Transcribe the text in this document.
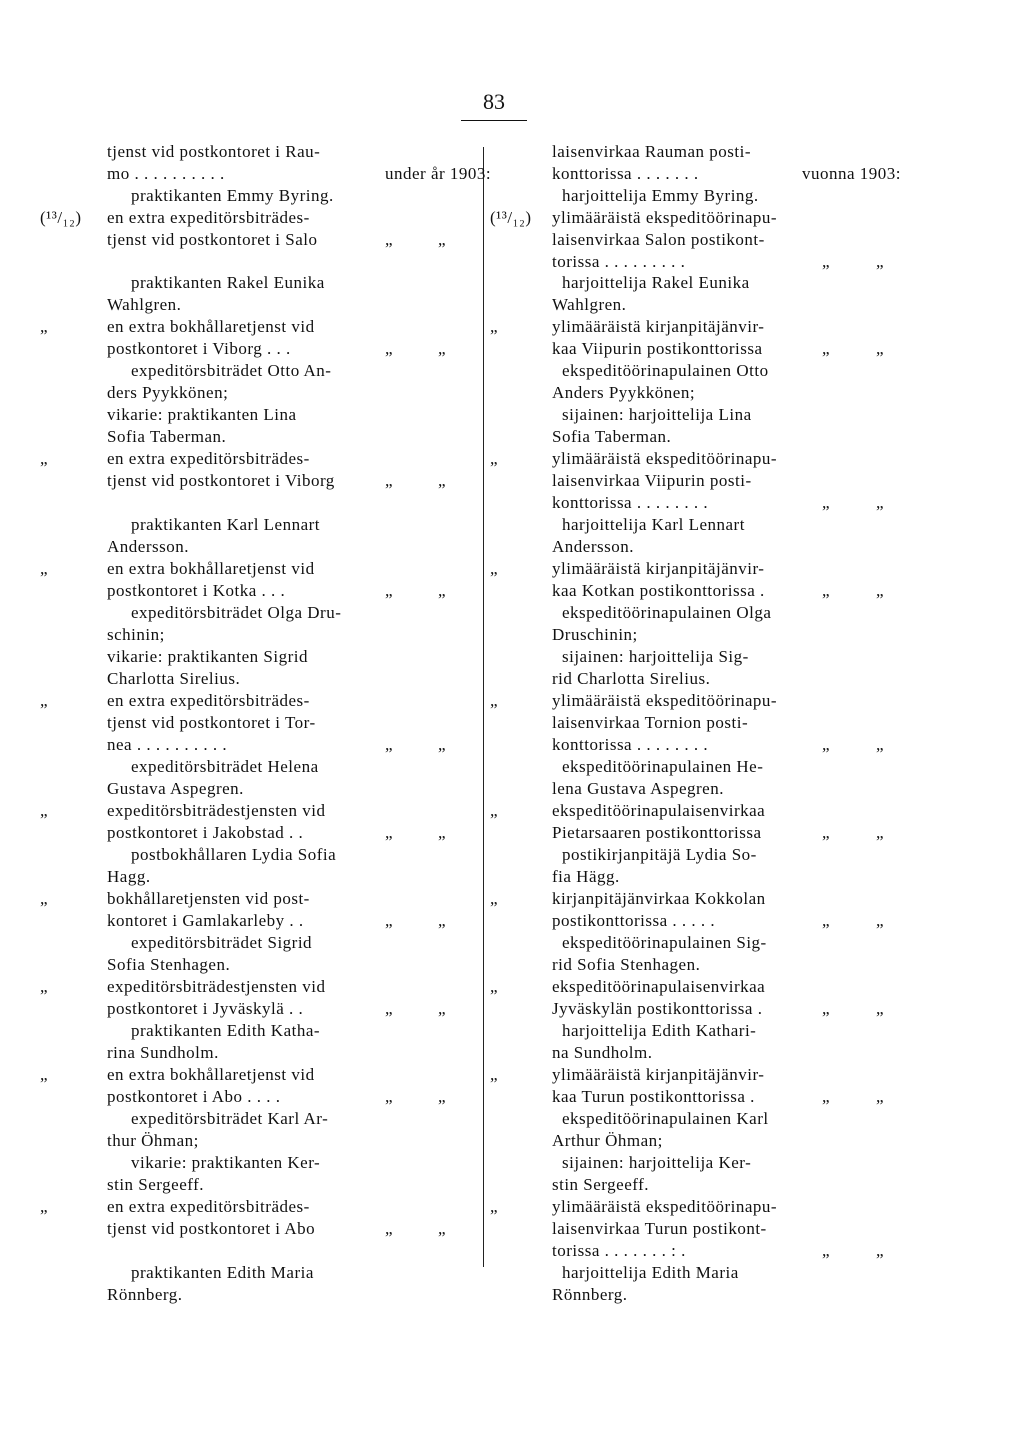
83
tjenst vid postkontoret i Rau-
mo . . . . . . . . . .	under år 1903:
praktikanten Emmy Byring.
(¹³/₁₂)	en extra expeditörsbiträdes-
tjenst vid postkontoret i Salo	„	„
praktikanten Rakel Eunika
Wahlgren.
„	en extra bokhållaretjenst vid
postkontoret i Viborg . . .	„	„
expeditörsbiträdet Otto An-
ders Pyykkönen;
vikarie: praktikanten Lina
Sofia Taberman.
„	en extra expeditörsbiträdes-
tjenst vid postkontoret i Viborg	„	„
praktikanten Karl Lennart
Andersson.
„	en extra bokhållaretjenst vid
postkontoret i Kotka . . .	„	„
expeditörsbiträdet Olga Dru-
schinin;
vikarie: praktikanten Sigrid
Charlotta Sirelius.
„	en extra expeditörsbiträdes-
tjenst vid postkontoret i Tor-
nea . . . . . . . . . .	„	„
expeditörsbiträdet Helena
Gustava Aspegren.
„	expeditörsbiträdestjensten vid
postkontoret i Jakobstad . .	„	„
postbokhållaren Lydia Sofia
Hagg.
„	bokhållaretjensten vid post-
kontoret i Gamlakarleby . .	„	„
expeditörsbiträdet Sigrid
Sofia Stenhagen.
„	expeditörsbiträdestjensten vid
postkontoret i Jyväskylä . .	„	„
praktikanten Edith Katha-
rina Sundholm.
„	en extra bokhållaretjenst vid
postkontoret i Abo . . . .	„	„
expeditörsbiträdet Karl Ar-
thur Öhman;
vikarie: praktikanten Ker-
stin Sergeeff.
„	en extra expeditörsbiträdes-
tjenst vid postkontoret i Abo	„	„
praktikanten Edith Maria
Rönnberg.
laisenvirkaa Rauman posti-
konttorissa . . . . . . .	vuonna 1903:
harjoittelija Emmy Byring.
(¹³/₁₂)	ylimääräistä ekspeditöörinapu-
laisenvirkaa Salon postikont-
torissa . . . . . . . . .	„	„
harjoittelija Rakel Eunika
Wahlgren.
„	ylimääräistä kirjanpitäjänvir-
kaa Viipurin postikonttorissa	„	„
ekspeditöörinapulainen Otto
Anders Pyykkönen;
sijainen: harjoittelija Lina
Sofia Taberman.
„	ylimääräistä ekspeditöörinapu-
laisenvirkaa Viipurin posti-
konttorissa . . . . . . . .	„	„
harjoittelija Karl Lennart
Andersson.
„	ylimääräistä kirjanpitäjänvir-
kaa Kotkan postikonttorissa .	„	„
ekspeditöörinapulainen Olga
Druschinin;
sijainen: harjoittelija Sig-
rid Charlotta Sirelius.
„	ylimääräistä ekspeditöörinapu-
laisenvirkaa Tornion posti-
konttorissa . . . . . . . .	„	„
ekspeditöörinapulainen He-
lena Gustava Aspegren.
„	ekspeditöörinapulaisenvirkaa
Pietarsaaren postikonttorissa	„	„
postikirjanpitäjä Lydia So-
fia Hägg.
„	kirjanpitäjänvirkaa Kokkolan
postikonttorissa . . . . .	„	„
ekspeditöörinapulainen Sig-
rid Sofia Stenhagen.
„	ekspeditöörinapulaisenvirkaa
Jyväskylän postikonttorissa .	„	„
harjoittelija Edith Kathari-
na Sundholm.
„	ylimääräistä kirjanpitäjänvir-
kaa Turun postikonttorissa .	„	„
ekspeditöörinapulainen Karl
Arthur Öhman;
sijainen: harjoittelija Ker-
stin Sergeeff.
„	ylimääräistä ekspeditöörinapu-
laisenvirkaa Turun postikont-
torissa . . . . . . . : .	„	„
harjoittelija Edith Maria
Rönnberg.
